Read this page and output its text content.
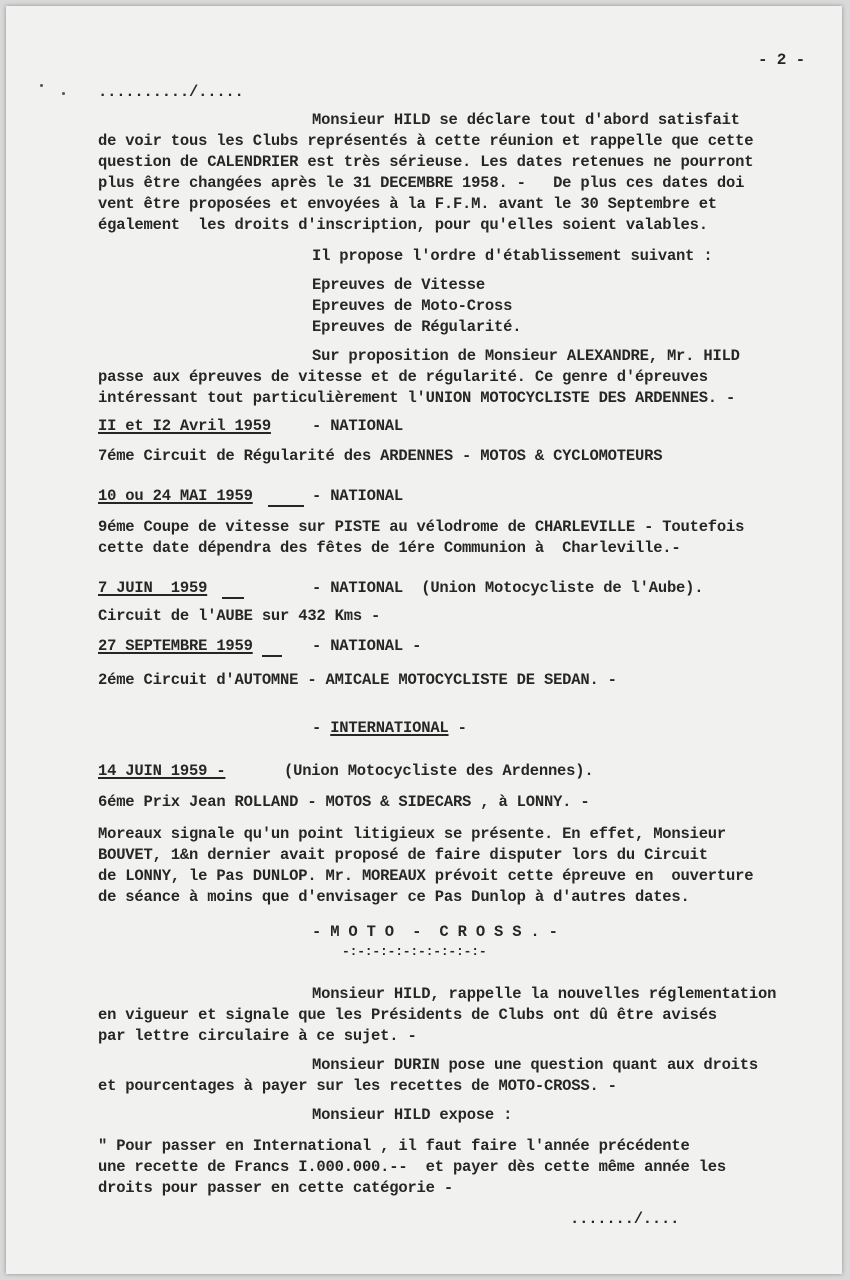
- 2 -
........../.....
Monsieur HILD se déclare tout d'abord satisfait
de voir tous les Clubs représentés à cette réunion et rappelle que cette
question de CALENDRIER est très sérieuse. Les dates retenues ne pourront
plus être changées après le 31 DECEMBRE 1958. -   De plus ces dates doi
vent être proposées et envoyées à la F.F.M. avant le 30 Septembre et
également  les droits d'inscription, pour qu'elles soient valables.
Il propose l'ordre d'établissement suivant :
Epreuves de Vitesse
Epreuves de Moto-Cross
Epreuves de Régularité.
Sur proposition de Monsieur ALEXANDRE, Mr. HILD
passe aux épreuves de vitesse et de régularité. Ce genre d'épreuves
intéressant tout particulièrement l'UNION MOTOCYCLISTE DES ARDENNES. -
II et I2 Avril 1959	- NATIONAL
7éme Circuit de Régularité des ARDENNES - MOTOS & CYCLOMOTEURS
10 ou 24 MAI 1959	- NATIONAL
9éme Coupe de vitesse sur PISTE au vélodrome de CHARLEVILLE - Toutefois
cette date dépendra des fêtes de 1ére Communion à  Charleville.-
7 JUIN  1959	- NATIONAL  (Union Motocycliste de l'Aube).
Circuit de l'AUBE sur 432 Kms -
27 SEPTEMBRE 1959	- NATIONAL -
2éme Circuit d'AUTOMNE - AMICALE MOTOCYCLISTE DE SEDAN. -
- INTERNATIONAL -
14 JUIN 1959 -	(Union Motocycliste des Ardennes).
6éme Prix Jean ROLLAND - MOTOS & SIDECARS , à LONNY. -
Moreaux signale qu'un point litigieux se présente. En effet, Monsieur
BOUVET, 1&n dernier avait proposé de faire disputer lors du Circuit
de LONNY, le Pas DUNLOP. Mr. MOREAUX prévoit cette épreuve en  ouverture
de séance à moins que d'envisager ce Pas Dunlop à d'autres dates.
- M O T O  -  C R O S S . -
-:-:-:-:-:-:-:-:-:-
Monsieur HILD, rappelle la nouvelles réglementation
en vigueur et signale que les Présidents de Clubs ont dû être avisés
par lettre circulaire à ce sujet. -
Monsieur DURIN pose une question quant aux droits
et pourcentages à payer sur les recettes de MOTO-CROSS. -
Monsieur HILD expose :
" Pour passer en International , il faut faire l'année précédente
une recette de Francs I.000.000.--  et payer dès cette même année les
droits pour passer en cette catégorie -
......./....
